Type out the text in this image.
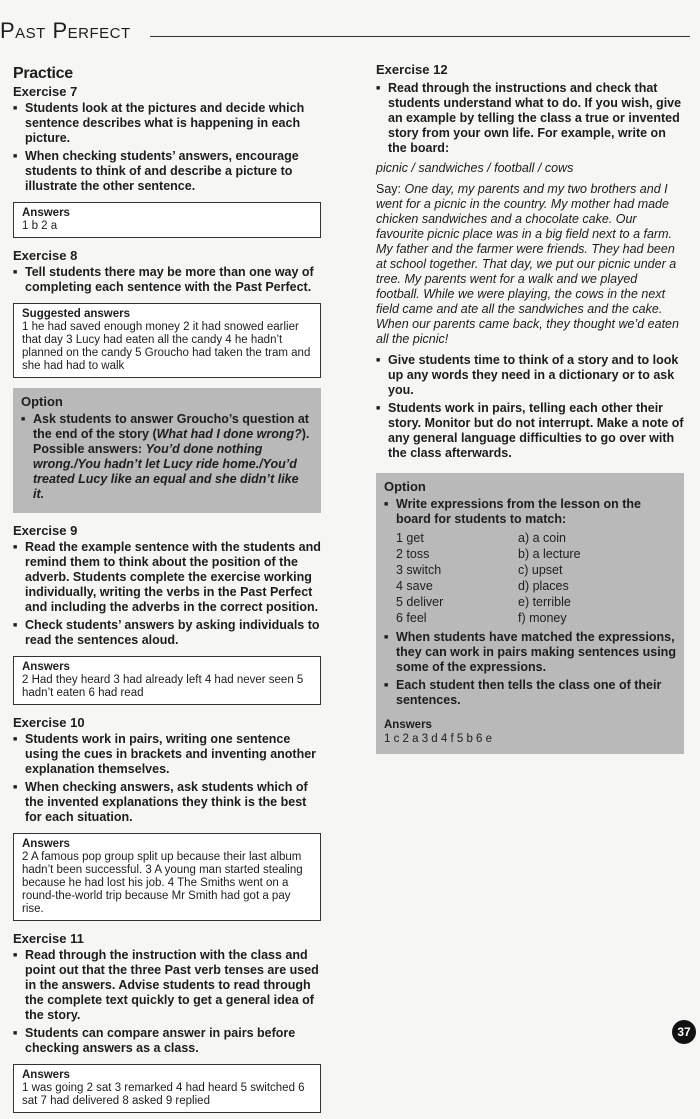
Past Perfect
Practice
Exercise 7
■ Students look at the pictures and decide which sentence describes what is happening in each picture.
■ When checking students’ answers, encourage students to think of and describe a picture to illustrate the other sentence.
Answers
1 b 2 a
Exercise 8
■ Tell students there may be more than one way of completing each sentence with the Past Perfect.
Suggested answers
1 he had saved enough money 2 it had snowed earlier that day 3 Lucy had eaten all the candy 4 he hadn’t planned on the candy 5 Groucho had taken the tram and she had had to walk
Option
■ Ask students to answer Groucho’s question at the end of the story (What had I done wrong?). Possible answers: You’d done nothing wrong./You hadn’t let Lucy ride home./You’d treated Lucy like an equal and she didn’t like it.
Exercise 9
■ Read the example sentence with the students and remind them to think about the position of the adverb. Students complete the exercise working individually, writing the verbs in the Past Perfect and including the adverbs in the correct position.
■ Check students’ answers by asking individuals to read the sentences aloud.
Answers
2 Had they heard 3 had already left 4 had never seen 5 hadn’t eaten 6 had read
Exercise 10
■ Students work in pairs, writing one sentence using the cues in brackets and inventing another explanation themselves.
■ When checking answers, ask students which of the invented explanations they think is the best for each situation.
Answers
2 A famous pop group split up because their last album hadn’t been successful. 3 A young man started stealing because he had lost his job. 4 The Smiths went on a round-the-world trip because Mr Smith had got a pay rise.
Exercise 11
■ Read through the instruction with the class and point out that the three Past verb tenses are used in the answers. Advise students to read through the complete text quickly to get a general idea of the story.
■ Students can compare answer in pairs before checking answers as a class.
Answers
1 was going 2 sat 3 remarked 4 had heard 5 switched 6 sat 7 had delivered 8 asked 9 replied
Exercise 12
■ Read through the instructions and check that students understand what to do. If you wish, give an example by telling the class a true or invented story from your own life. For example, write on the board:
picnic / sandwiches / football / cows
Say: One day, my parents and my two brothers and I went for a picnic in the country. My mother had made chicken sandwiches and a chocolate cake. Our favourite picnic place was in a big field next to a farm. My father and the farmer were friends. They had been at school together. That day, we put our picnic under a tree. My parents went for a walk and we played football. While we were playing, the cows in the next field came and ate all the sandwiches and the cake. When our parents came back, they thought we’d eaten all the picnic!
■ Give students time to think of a story and to look up any words they need in a dictionary or to ask you.
■ Students work in pairs, telling each other their story. Monitor but do not interrupt. Make a note of any general language difficulties to go over with the class afterwards.
Option
■ Write expressions from the lesson on the board for students to match:
1 get	a) a coin
2 toss	b) a lecture
3 switch	c) upset
4 save	d) places
5 deliver	e) terrible
6 feel	f) money
■ When students have matched the expressions, they can work in pairs making sentences using some of the expressions.
■ Each student then tells the class one of their sentences.
Answers
1 c 2 a 3 d 4 f 5 b 6 e
37
